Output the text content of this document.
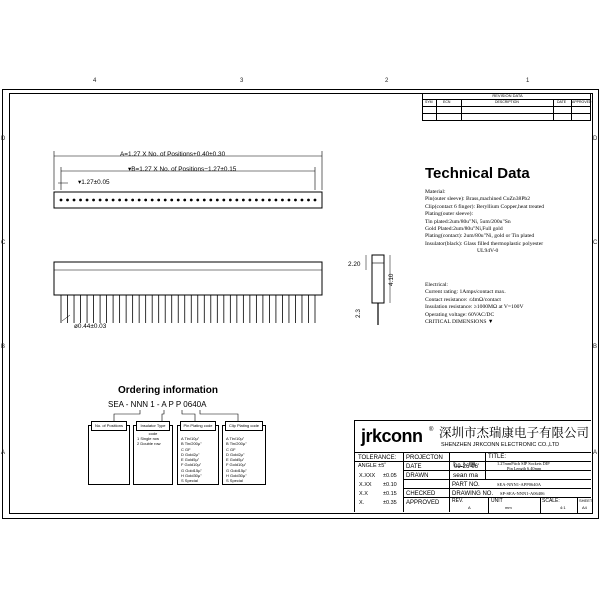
4	3	2	1
D
C
B
A
D
C
B
A
REVISION DATA
SYM	ECN	DESCRIPTION	DATE APPROVED
A=1.27 X No. of Positions+0.40±0.30
▾B=1.27 X No. of Positions−1.27±0.15
▾1.27±0.05
ø0.44±0.03
2.20
4.10
2.3
Technical Data
Material:
Pin(outer sleeve): Brass,machined CuZn38Pb2
Clip(contact 6 finger): Beryllium Copper,heat treated
Plating(outer sleeve):
Tin plated:2um/80u"Ni, 5um/200u"Sn
Gold Plated:2um/80u"Ni,Full gold
Plating(contact): 2um/80u"Ni, gold or Tin plated
Insulator(black): Glass filled thermoplastic polyester
UL94V-0
Electrical:
Current rating: 1Amps/contact max.
Contact resistance: ≤4mΩ/contact
Insulation resistance: ≥1000MΩ at V=100V
Operating voltage: 60VAC/DC
CRITICAL DIMENSIONS ▼
Ordering information
SEA - NNN 1 - A P P 0640A
No. of Positions	Insulator Type code
1 Single row
2 Double row
Pin Plating code
A Tin/10µ"
B Tin/200µ"
C GF
D Gold2µ"
E Gold5µ"
F Gold10µ"
G Gold15µ"
H Gold30µ"
S Special
Clip Plating code
A Tin/10µ"
B Tin/200µ"
C GF
D Gold2µ"
E Gold5µ"
F Gold10µ"
G Gold15µ"
H Gold30µ"
S Special
jrkconn ® 深圳市杰瑞康电子有限公司
SHENZHEN JRKCONN ELECTRONIC CO.,LTD
TOLERANCE:
ANGLE ±5˚
X.XXX ±0.05
X.XX ±0.10
X.X	±0.15
X.	±0.35
PROJECTON
DATE	09-26-06'
DRAWN	sean ma
CHECKED
APPROVED
TITLE:
1.27mmPitch SIP Sockets DIP
Pin Length 6.40mm
PART NO.	SEA-NNN1-APP0640A
DRAWING NO. SP-SEA-NNN1-A06406
REV.
A
UNIT
mm
SCALE:
4:1
SHEET
A4
